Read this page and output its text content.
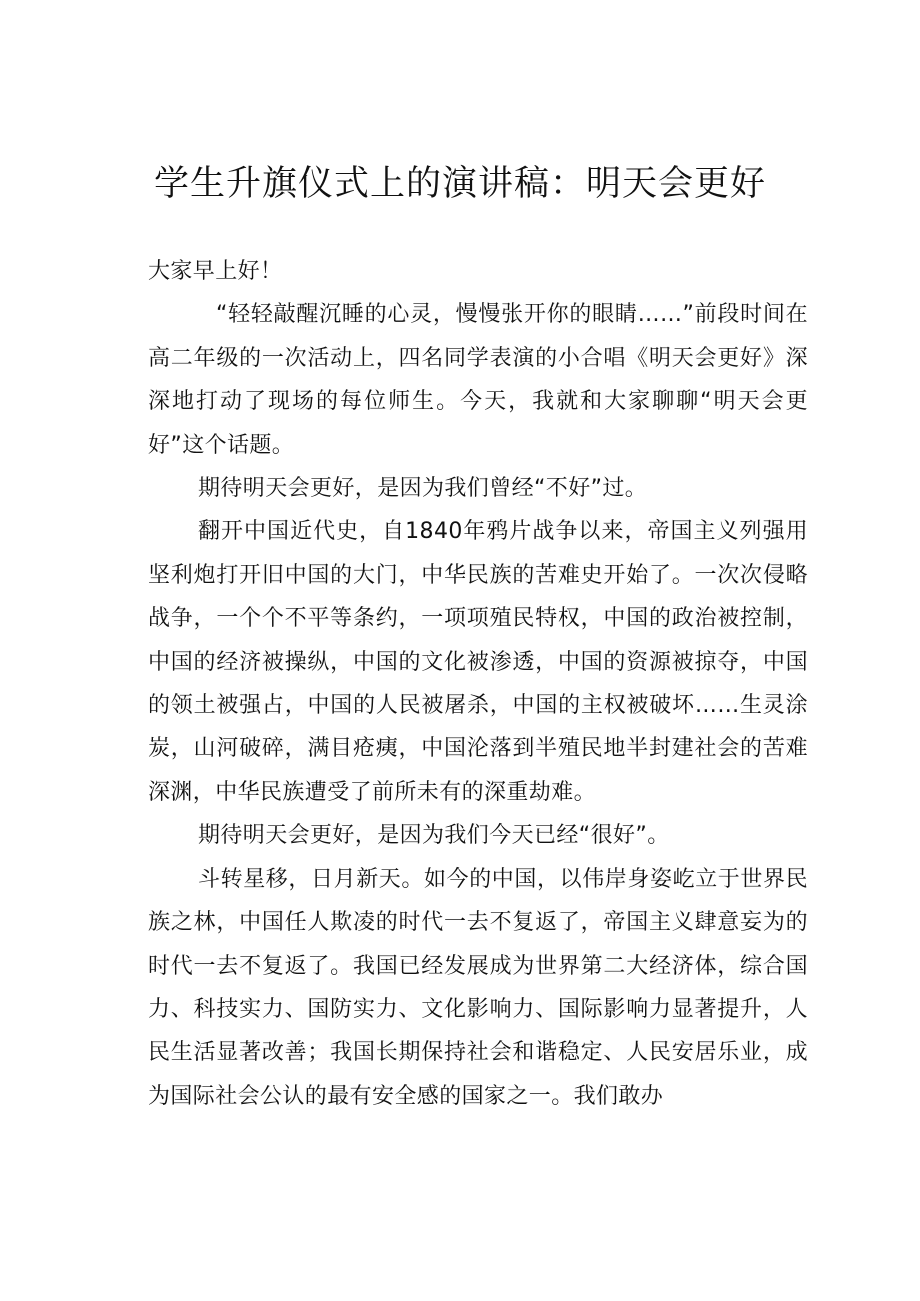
学生升旗仪式上的演讲稿：明天会更好

大家早上好！

“轻轻敲醒沉睡的心灵，慢慢张开你的眼睛……”前段时间在高二年级的一次活动上，四名同学表演的小合唱《明天会更好》深深地打动了现场的每位师生。今天，我就和大家聊聊“明天会更好”这个话题。

期待明天会更好，是因为我们曾经“不好”过。

翻开中国近代史，自1840年鸦片战争以来，帝国主义列强用坚利炮打开旧中国的大门，中华民族的苦难史开始了。一次次侵略战争，一个个不平等条约，一项项殖民特权，中国的政治被控制，中国的经济被操纵，中国的文化被渗透，中国的资源被掠夺，中国的领土被强占，中国的人民被屠杀，中国的主权被破坏……生灵涂炭，山河破碎，满目疮痍，中国沦落到半殖民地半封建社会的苦难深渊，中华民族遭受了前所未有的深重劫难。

期待明天会更好，是因为我们今天已经“很好”。

斗转星移，日月新天。如今的中国，以伟岸身姿屹立于世界民族之林，中国任人欺凌的时代一去不复返了，帝国主义肆意妄为的时代一去不复返了。我国已经发展成为世界第二大经济体，综合国力、科技实力、国防实力、文化影响力、国际影响力显著提升，人民生活显著改善；我国长期保持社会和谐稳定、人民安居乐业，成为国际社会公认的最有安全感的国家之一。我们敢办
